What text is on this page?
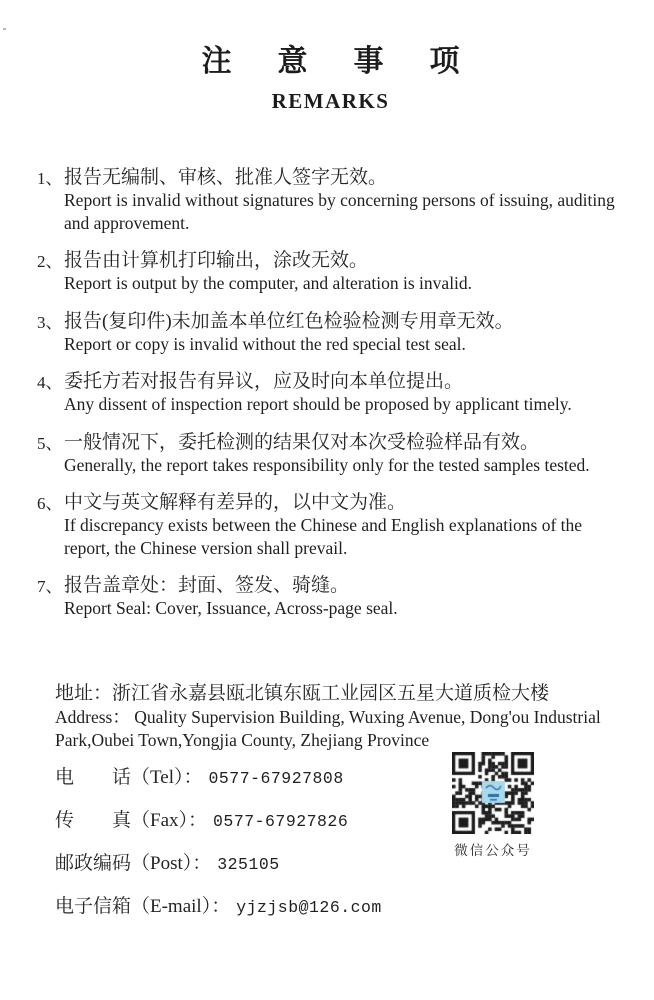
注意事项
REMARKS
1、 报告无编制、审核、批准人签字无效。
Report is invalid without signatures by concerning persons of issuing, auditing and approvement.
2、 报告由计算机打印输出，涂改无效。
Report is output by the computer, and alteration is invalid.
3、 报告(复印件)未加盖本单位红色检验检测专用章无效。
Report or copy is invalid without the red special test seal.
4、 委托方若对报告有异议，应及时向本单位提出。
Any dissent of inspection report should be proposed by applicant timely.
5、 一般情况下，委托检测的结果仅对本次受检验样品有效。
Generally, the report takes responsibility only for the tested samples tested.
6、 中文与英文解释有差异的，以中文为准。
If discrepancy exists between the Chinese and English explanations of the report, the Chinese version shall prevail.
7、 报告盖章处：封面、签发、骑缝。
Report Seal: Cover, Issuance, Across-page seal.
地址：浙江省永嘉县瓯北镇东瓯工业园区五星大道质检大楼
Address： Quality Supervision Building, Wuxing Avenue, Dong'ou Industrial Park,Oubei Town,Yongjia County, Zhejiang Province
电　　话（Tel）： 0577-67927808
传　　真（Fax）： 0577-67927826
邮政编码（Post）： 325105
电子信箱（E-mail）： yjzjsb@126.com
微信公众号
